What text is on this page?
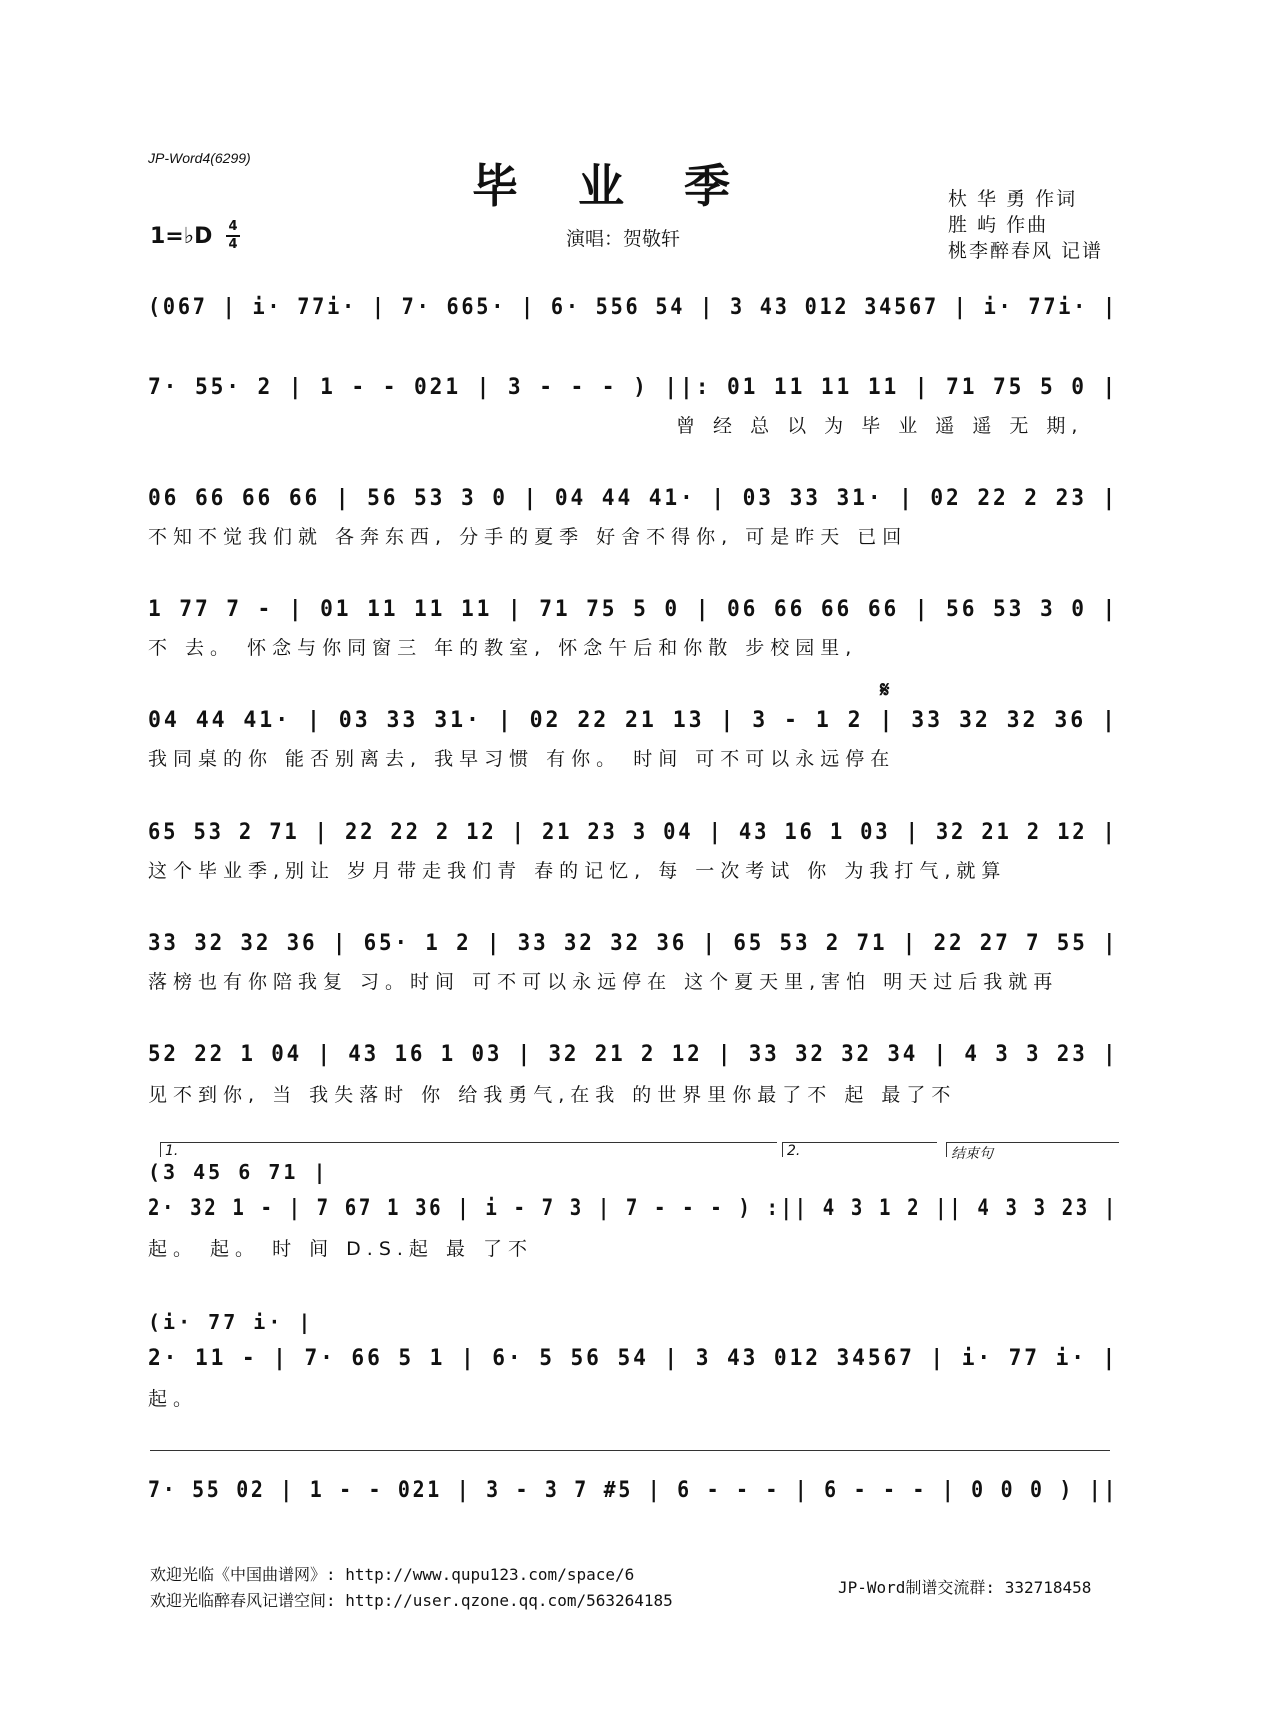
JP-Word4(6299)
毕业季
1=♭D 4
4	演唱：贺敬轩
杕 华 勇 作词
胜 屿 作曲
桃李醉春风 记谱
(067 | i· 77i· | 7· 665· | 6· 556 54 | 3 43 012 34567 | i· 77i· |
7· 55· 2 | 1 - - 021 | 3 - - - ) ||: 01 11 11 11 | 71 75 5 0 |
曾 经 总 以 为 毕 业 遥 遥 无 期,
06 66 66 66 | 56 53 3 0 | 04 44 41· | 03 33 31· | 02 22 2 23 |
不知不觉我们就 各奔东西, 分手的夏季 好舍不得你, 可是昨天 已回
1 77 7 - | 01 11 11 11 | 71 75 5 0 | 06 66 66 66 | 56 53 3 0 |
不 去。 怀念与你同窗三 年的教室, 怀念午后和你散 步校园里,
𝄋
04 44 41· | 03 33 31· | 02 22 21 13 | 3 - 1 2 | 33 32 32 36 |
我同桌的你 能否别离去, 我早习惯 有你。 时间 可不可以永远停在
65 53 2 71 | 22 22 2 12 | 21 23 3 04 | 43 16 1 03 | 32 21 2 12 |
这个毕业季,别让 岁月带走我们青 春的记忆, 每 一次考试 你 为我打气,就算
33 32 32 36 | 65· 1 2 | 33 32 32 36 | 65 53 2 71 | 22 27 7 55 |
落榜也有你陪我复 习。时间 可不可以永远停在 这个夏天里,害怕 明天过后我就再
52 22 1 04 | 43 16 1 03 | 32 21 2 12 | 33 32 32 34 | 4 3 3 23 |
见不到你, 当 我失落时 你 给我勇气,在我 的世界里你最了不 起 最了不
1.	2.	结束句
(3 45 6 71 |
2· 32 1 - | 7 67 1 36 | i - 7 3 | 7 - - - ) :|| 4 3 1 2 || 4 3 3 23 |
起。 起。 时 间 D.S.起 最 了不
(i· 77 i· |
2· 11 - | 7· 66 5 1 | 6· 5 56 54 | 3 43 012 34567 | i· 77 i· |
起。
7· 55 02 | 1 - - 021 | 3 - 3 7 #5 | 6 - - - | 6 - - - | 0 0 0 ) ||
欢迎光临《中国曲谱网》: http://www.qupu123.com/space/6
欢迎光临醉春风记谱空间: http://user.qzone.qq.com/563264185
JP-Word制谱交流群: 332718458
